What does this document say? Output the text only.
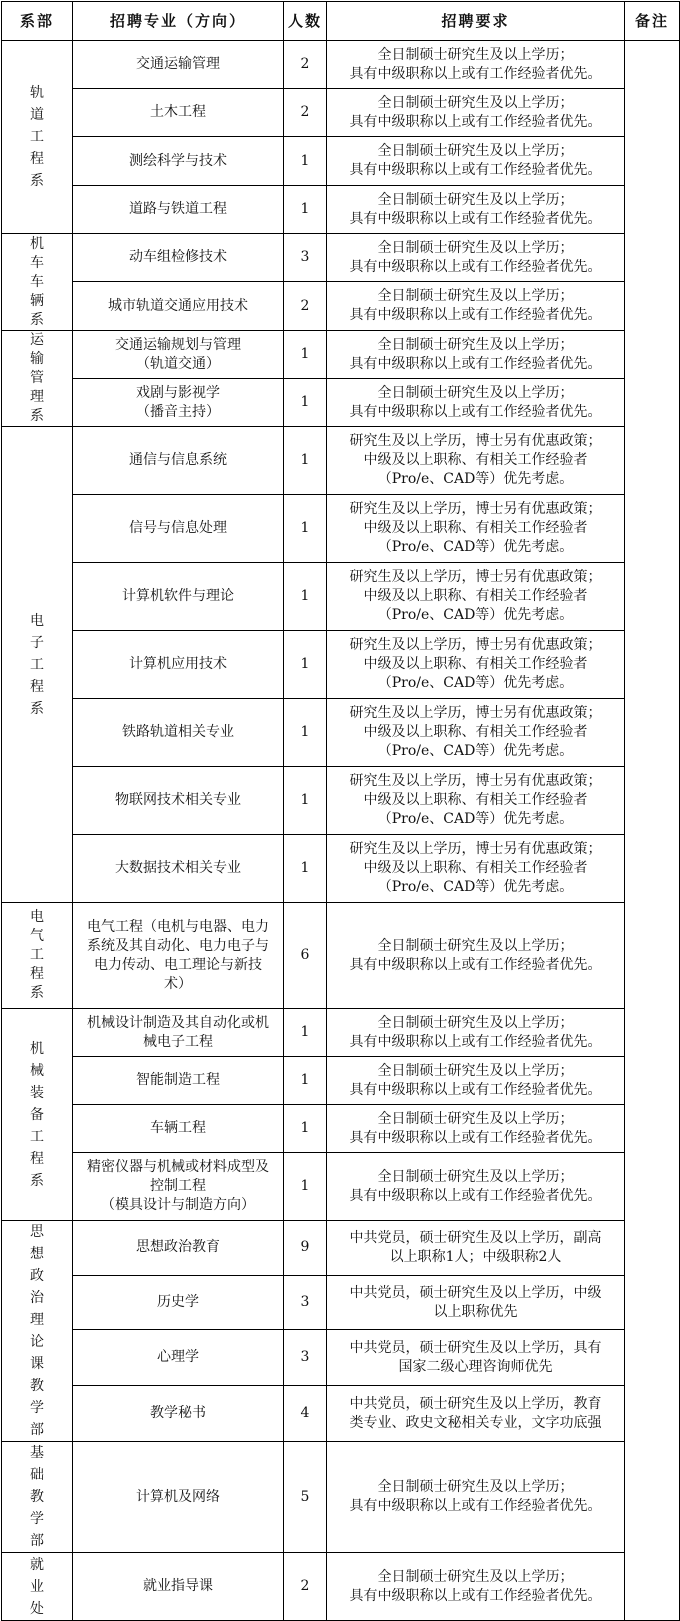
系部	招聘专业（方向）	人数	招聘要求	备注

轨道工程系	交通运输管理	2	全日制硕士研究生及以上学历；
具有中级职称以上或有工作经验者优先。	

	土木工程	2	全日制硕士研究生及以上学历；
具有中级职称以上或有工作经验者优先。	

	测绘科学与技术	1	全日制硕士研究生及以上学历；
具有中级职称以上或有工作经验者优先。	

	道路与铁道工程	1	全日制硕士研究生及以上学历；
具有中级职称以上或有工作经验者优先。	

机车车辆系	动车组检修技术	3	全日制硕士研究生及以上学历；
具有中级职称以上或有工作经验者优先。	

	城市轨道交通应用技术	2	全日制硕士研究生及以上学历；
具有中级职称以上或有工作经验者优先。	

运输管理系	交通运输规划与管理
（轨道交通）	1	全日制硕士研究生及以上学历；
具有中级职称以上或有工作经验者优先。	

	戏剧与影视学
（播音主持）	1	全日制硕士研究生及以上学历；
具有中级职称以上或有工作经验者优先。	

电子工程系	通信与信息系统	1	研究生及以上学历，博士另有优惠政策；
中级及以上职称、有相关工作经验者
（Pro/e、CAD等）优先考虑。	

	信号与信息处理	1	研究生及以上学历，博士另有优惠政策；
中级及以上职称、有相关工作经验者
（Pro/e、CAD等）优先考虑。	

	计算机软件与理论	1	研究生及以上学历，博士另有优惠政策；
中级及以上职称、有相关工作经验者
（Pro/e、CAD等）优先考虑。	

	计算机应用技术	1	研究生及以上学历，博士另有优惠政策；
中级及以上职称、有相关工作经验者
（Pro/e、CAD等）优先考虑。	

	铁路轨道相关专业	1	研究生及以上学历，博士另有优惠政策；
中级及以上职称、有相关工作经验者
（Pro/e、CAD等）优先考虑。	

	物联网技术相关专业	1	研究生及以上学历，博士另有优惠政策；
中级及以上职称、有相关工作经验者
（Pro/e、CAD等）优先考虑。	

	大数据技术相关专业	1	研究生及以上学历，博士另有优惠政策；
中级及以上职称、有相关工作经验者
（Pro/e、CAD等）优先考虑。	

电气工程系	电气工程（电机与电器、电力
系统及其自动化、电力电子与
电力传动、电工理论与新技
术）	6	全日制硕士研究生及以上学历；
具有中级职称以上或有工作经验者优先。	

机械装备工程系	机械设计制造及其自动化或机
械电子工程	1	全日制硕士研究生及以上学历；
具有中级职称以上或有工作经验者优先。	

	智能制造工程	1	全日制硕士研究生及以上学历；
具有中级职称以上或有工作经验者优先。	

	车辆工程	1	全日制硕士研究生及以上学历；
具有中级职称以上或有工作经验者优先。	

	精密仪器与机械或材料成型及
控制工程
（模具设计与制造方向）	1	全日制硕士研究生及以上学历；
具有中级职称以上或有工作经验者优先。	

思想政治理论课教学部	思想政治教育	9	中共党员，硕士研究生及以上学历，副高
以上职称1人；中级职称2人	

	历史学	3	中共党员，硕士研究生及以上学历，中级
以上职称优先	

	心理学	3	中共党员，硕士研究生及以上学历，具有
国家二级心理咨询师优先	

	教学秘书	4	中共党员，硕士研究生及以上学历，教育
类专业、政史文秘相关专业，文字功底强	

基础教学部	计算机及网络	5	全日制硕士研究生及以上学历；
具有中级职称以上或有工作经验者优先。	

就业处	就业指导课	2	全日制硕士研究生及以上学历；
具有中级职称以上或有工作经验者优先。	
